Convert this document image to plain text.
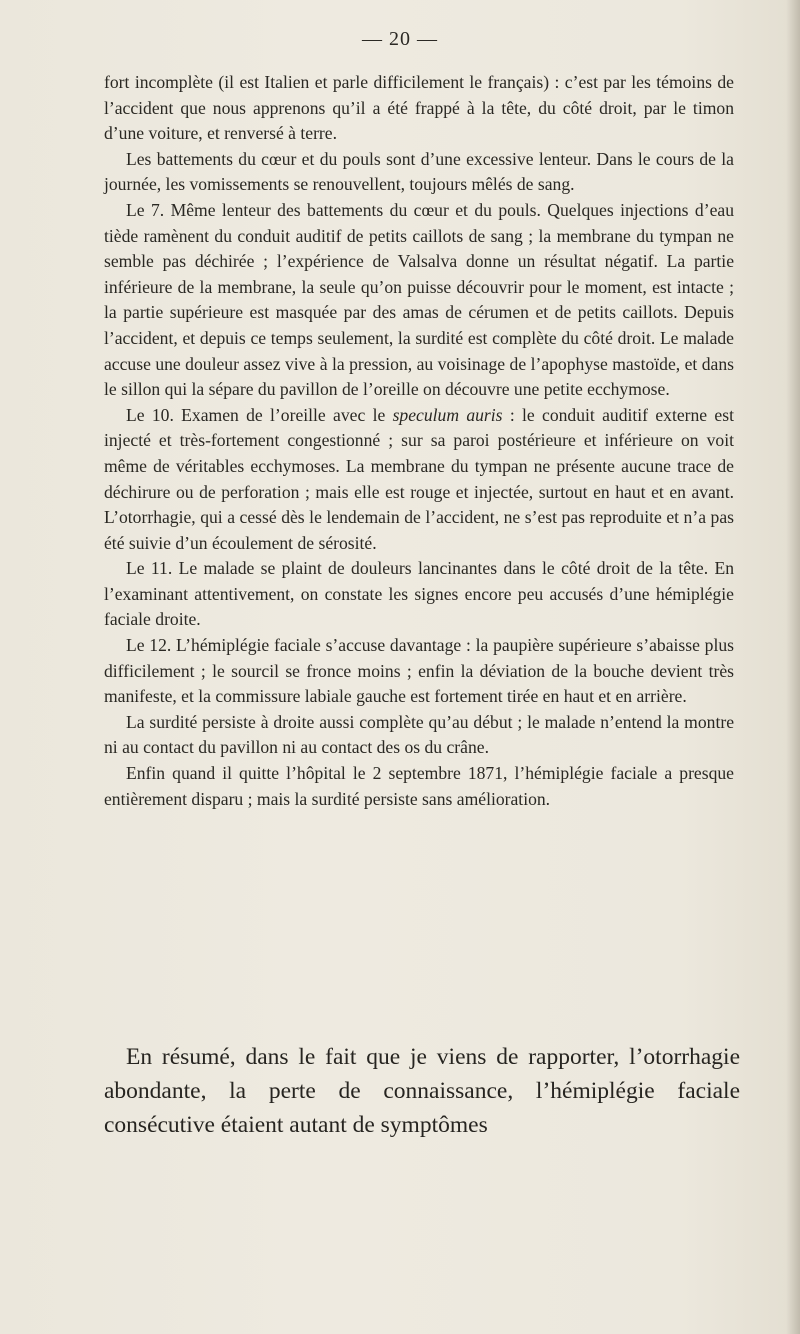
— 20 —

fort incomplète (il est Italien et parle difficilement le français) : c’est par les témoins de l’accident que nous apprenons qu’il a été frappé à la tête, du côté droit, par le timon d’une voiture, et renversé à terre.

Les battements du cœur et du pouls sont d’une excessive lenteur. Dans le cours de la journée, les vomissements se renouvellent, toujours mêlés de sang.

Le 7. Même lenteur des battements du cœur et du pouls. Quelques injections d’eau tiède ramènent du conduit auditif de petits caillots de sang ; la membrane du tympan ne semble pas déchirée ; l’expérience de Valsalva donne un résultat négatif. La partie inférieure de la membrane, la seule qu’on puisse découvrir pour le moment, est intacte ; la partie supérieure est masquée par des amas de cérumen et de petits caillots. Depuis l’accident, et depuis ce temps seulement, la surdité est complète du côté droit. Le malade accuse une douleur assez vive à la pression, au voisinage de l’apophyse mastoïde, et dans le sillon qui la sépare du pavillon de l’oreille on découvre une petite ecchymose.

Le 10. Examen de l’oreille avec le speculum auris : le conduit auditif externe est injecté et très-fortement congestionné ; sur sa paroi postérieure et inférieure on voit même de véritables ecchymoses. La membrane du tympan ne présente aucune trace de déchirure ou de perforation ; mais elle est rouge et injectée, surtout en haut et en avant. L’otorrhagie, qui a cessé dès le lendemain de l’accident, ne s’est pas reproduite et n’a pas été suivie d’un écoulement de sérosité.

Le 11. Le malade se plaint de douleurs lancinantes dans le côté droit de la tête. En l’examinant attentivement, on constate les signes encore peu accusés d’une hémiplégie faciale droite.

Le 12. L’hémiplégie faciale s’accuse davantage : la paupière supérieure s’abaisse plus difficilement ; le sourcil se fronce moins ; enfin la déviation de la bouche devient très manifeste, et la commissure labiale gauche est fortement tirée en haut et en arrière.

La surdité persiste à droite aussi complète qu’au début ; le malade n’entend la montre ni au contact du pavillon ni au contact des os du crâne.

Enfin quand il quitte l’hôpital le 2 septembre 1871, l’hémiplégie faciale a presque entièrement disparu ; mais la surdité persiste sans amélioration.

En résumé, dans le fait que je viens de rapporter, l’otorrhagie abondante, la perte de connaissance, l’hémiplégie faciale consécutive étaient autant de symptômes
